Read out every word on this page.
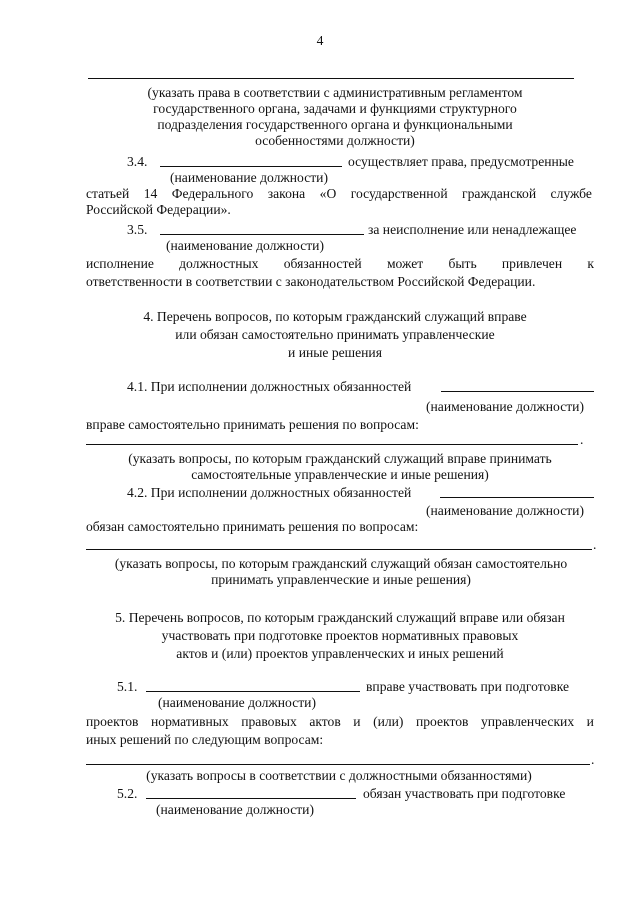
4
(указать права в соответствии с административным регламентом
государственного органа, задачами и функциями структурного
подразделения государственного органа и функциональными
особенностями должности)
3.4.	осуществляет права, предусмотренные
(наименование должности)
статьей 14 Федерального закона «О государственной гражданской службе
Российской Федерации».
3.5.	за неисполнение или ненадлежащее
(наименование должности)
исполнение должностных обязанностей может быть привлечен к
ответственности в соответствии с законодательством Российской Федерации.
4. Перечень вопросов, по которым гражданский служащий вправе
или обязан самостоятельно принимать управленческие
и иные решения
4.1. При исполнении должностных обязанностей
(наименование должности)
вправе самостоятельно принимать решения по вопросам:
.
(указать вопросы, по которым гражданский служащий вправе принимать
самостоятельные управленческие и иные решения)
4.2. При исполнении должностных обязанностей
(наименование должности)
обязан самостоятельно принимать решения по вопросам:
.
(указать вопросы, по которым гражданский служащий обязан самостоятельно
принимать управленческие и иные решения)
5. Перечень вопросов, по которым гражданский служащий вправе или обязан
участвовать при подготовке проектов нормативных правовых
актов и (или) проектов управленческих и иных решений
5.1.	вправе участвовать при подготовке
(наименование должности)
проектов нормативных правовых актов и (или) проектов управленческих и
иных решений по следующим вопросам:
.
(указать вопросы в соответствии с должностными обязанностями)
5.2.	обязан участвовать при подготовке
(наименование должности)
